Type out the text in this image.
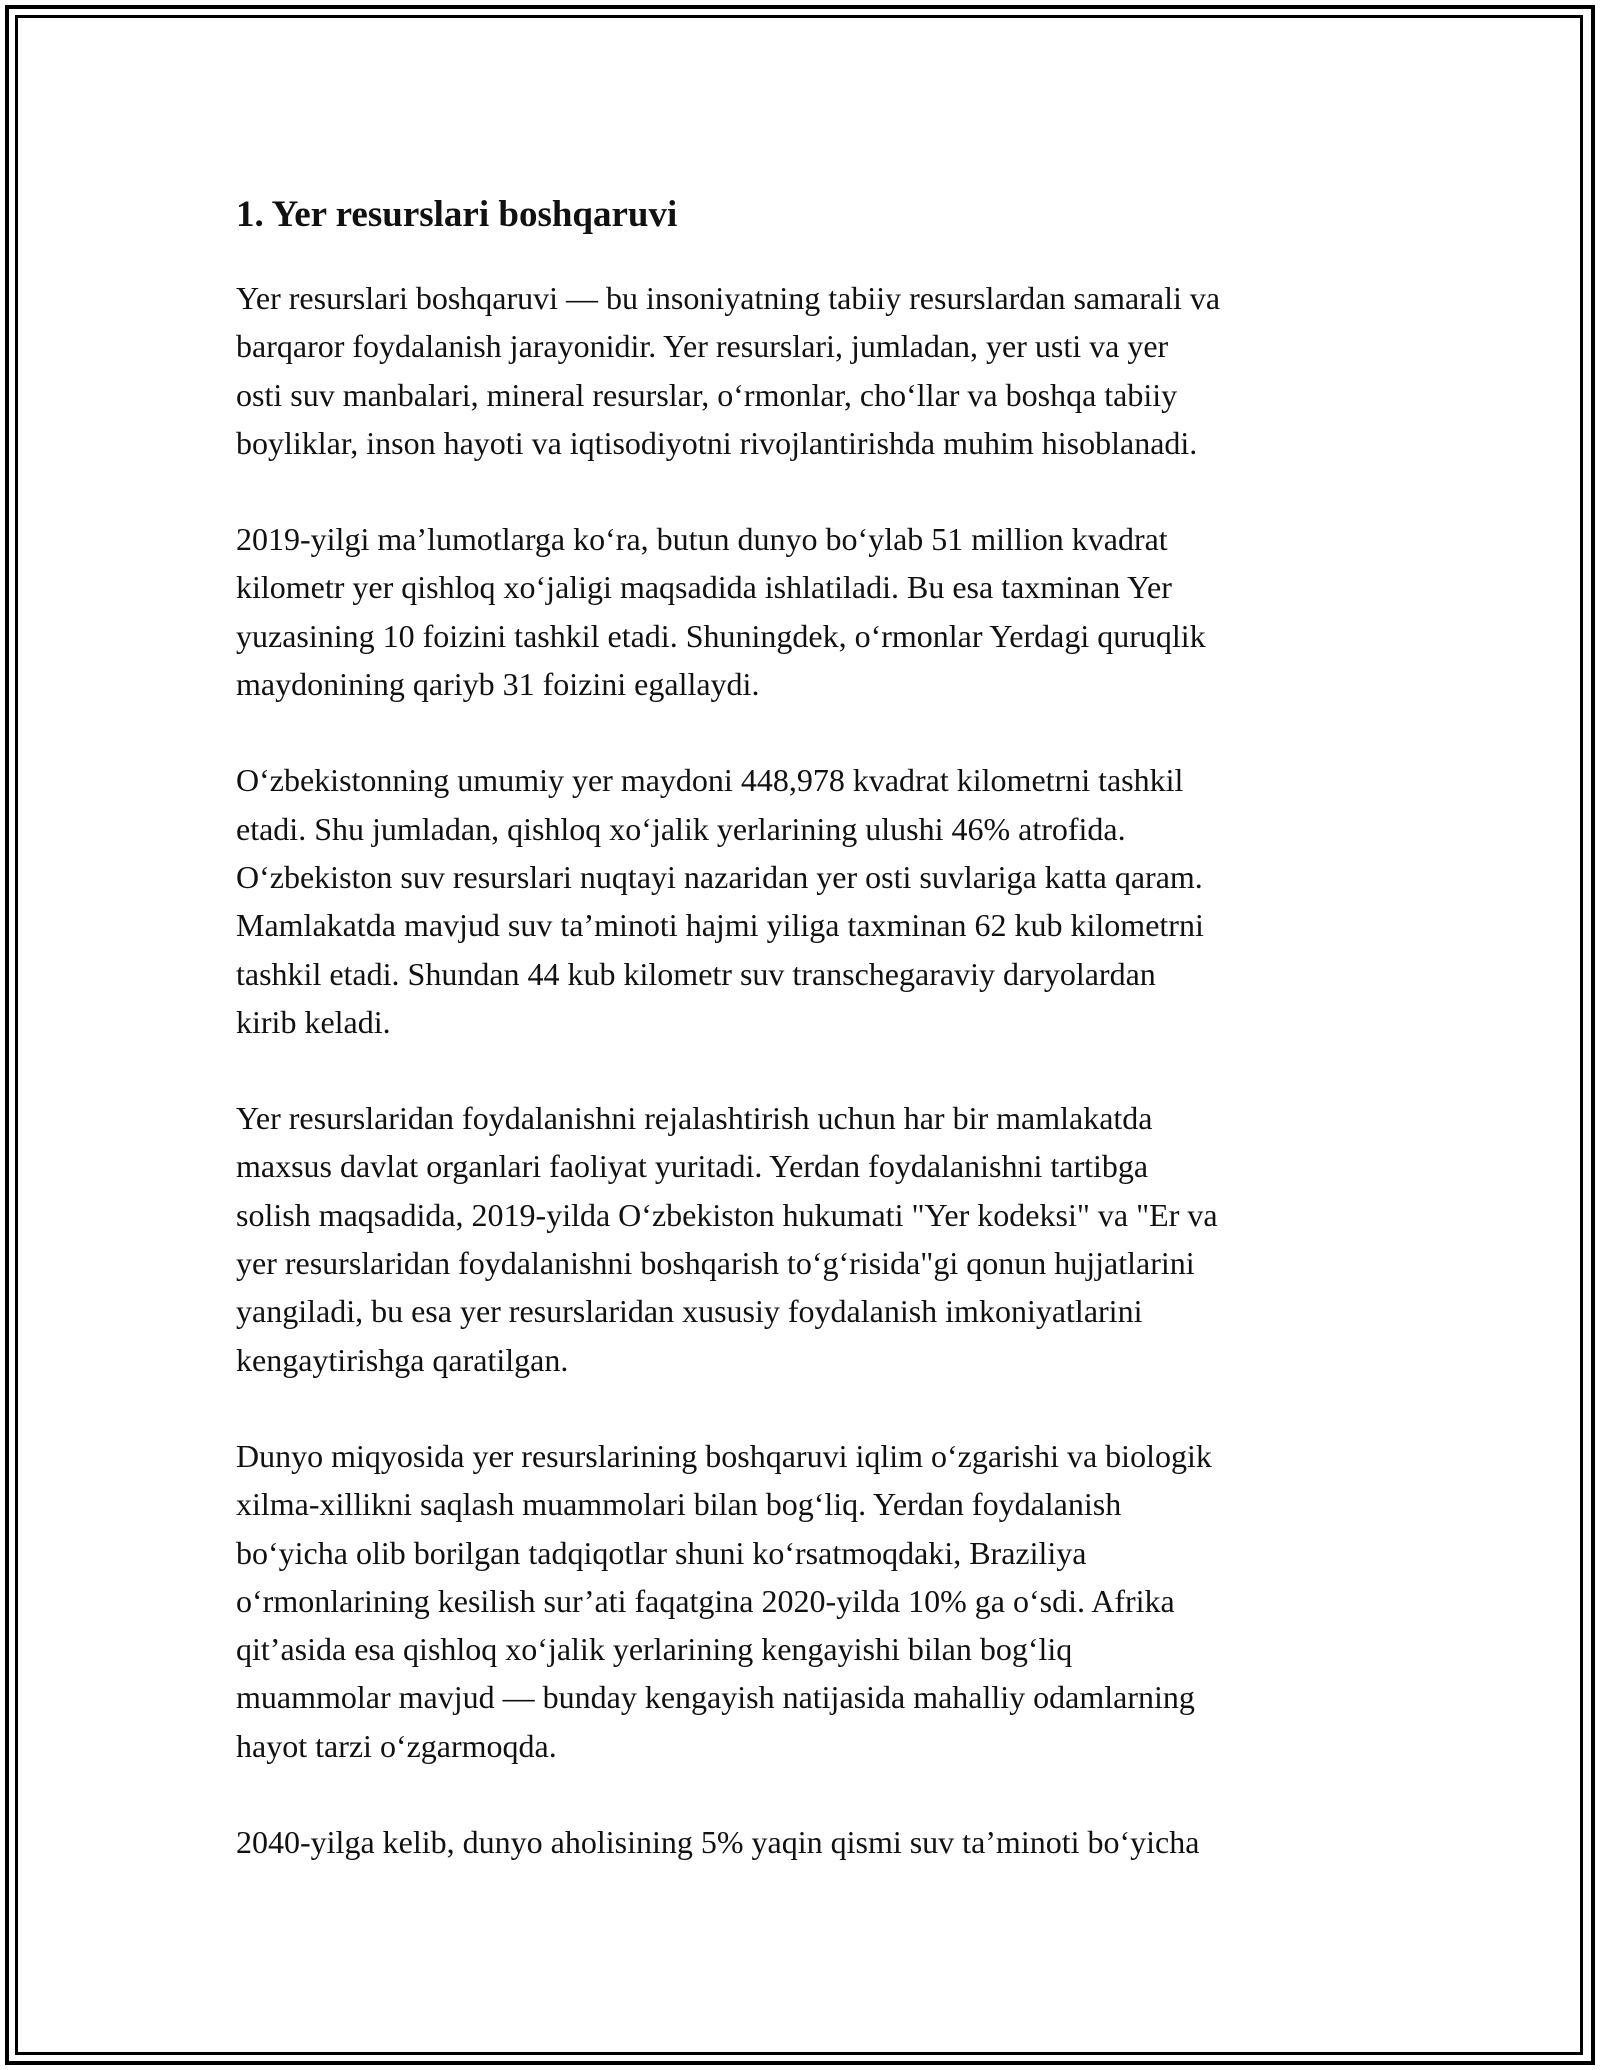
1. Yer resurslari boshqaruvi

Yer resurslari boshqaruvi — bu insoniyatning tabiiy resurslardan samarali va
barqaror foydalanish jarayonidir. Yer resurslari, jumladan, yer usti va yer
osti suv manbalari, mineral resurslar, o‘rmonlar, cho‘llar va boshqa tabiiy
boyliklar, inson hayoti va iqtisodiyotni rivojlantirishda muhim hisoblanadi.

2019-yilgi ma’lumotlarga ko‘ra, butun dunyo bo‘ylab 51 million kvadrat
kilometr yer qishloq xo‘jaligi maqsadida ishlatiladi. Bu esa taxminan Yer
yuzasining 10 foizini tashkil etadi. Shuningdek, o‘rmonlar Yerdagi quruqlik
maydonining qariyb 31 foizini egallaydi.

O‘zbekistonning umumiy yer maydoni 448,978 kvadrat kilometrni tashkil
etadi. Shu jumladan, qishloq xo‘jalik yerlarining ulushi 46% atrofida.
O‘zbekiston suv resurslari nuqtayi nazaridan yer osti suvlariga katta qaram.
Mamlakatda mavjud suv ta’minoti hajmi yiliga taxminan 62 kub kilometrni
tashkil etadi. Shundan 44 kub kilometr suv transchegaraviy daryolardan
kirib keladi.

Yer resurslaridan foydalanishni rejalashtirish uchun har bir mamlakatda
maxsus davlat organlari faoliyat yuritadi. Yerdan foydalanishni tartibga
solish maqsadida, 2019-yilda O‘zbekiston hukumati "Yer kodeksi" va "Er va
yer resurslaridan foydalanishni boshqarish to‘g‘risida"gi qonun hujjatlarini
yangiladi, bu esa yer resurslaridan xususiy foydalanish imkoniyatlarini
kengaytirishga qaratilgan.

Dunyo miqyosida yer resurslarining boshqaruvi iqlim o‘zgarishi va biologik
xilma-xillikni saqlash muammolari bilan bog‘liq. Yerdan foydalanish
bo‘yicha olib borilgan tadqiqotlar shuni ko‘rsatmoqdaki, Braziliya
o‘rmonlarining kesilish sur’ati faqatgina 2020-yilda 10% ga o‘sdi. Afrika
qit’asida esa qishloq xo‘jalik yerlarining kengayishi bilan bog‘liq
muammolar mavjud — bunday kengayish natijasida mahalliy odamlarning
hayot tarzi o‘zgarmoqda.

2040-yilga kelib, dunyo aholisining 5% yaqin qismi suv ta’minoti bo‘yicha
